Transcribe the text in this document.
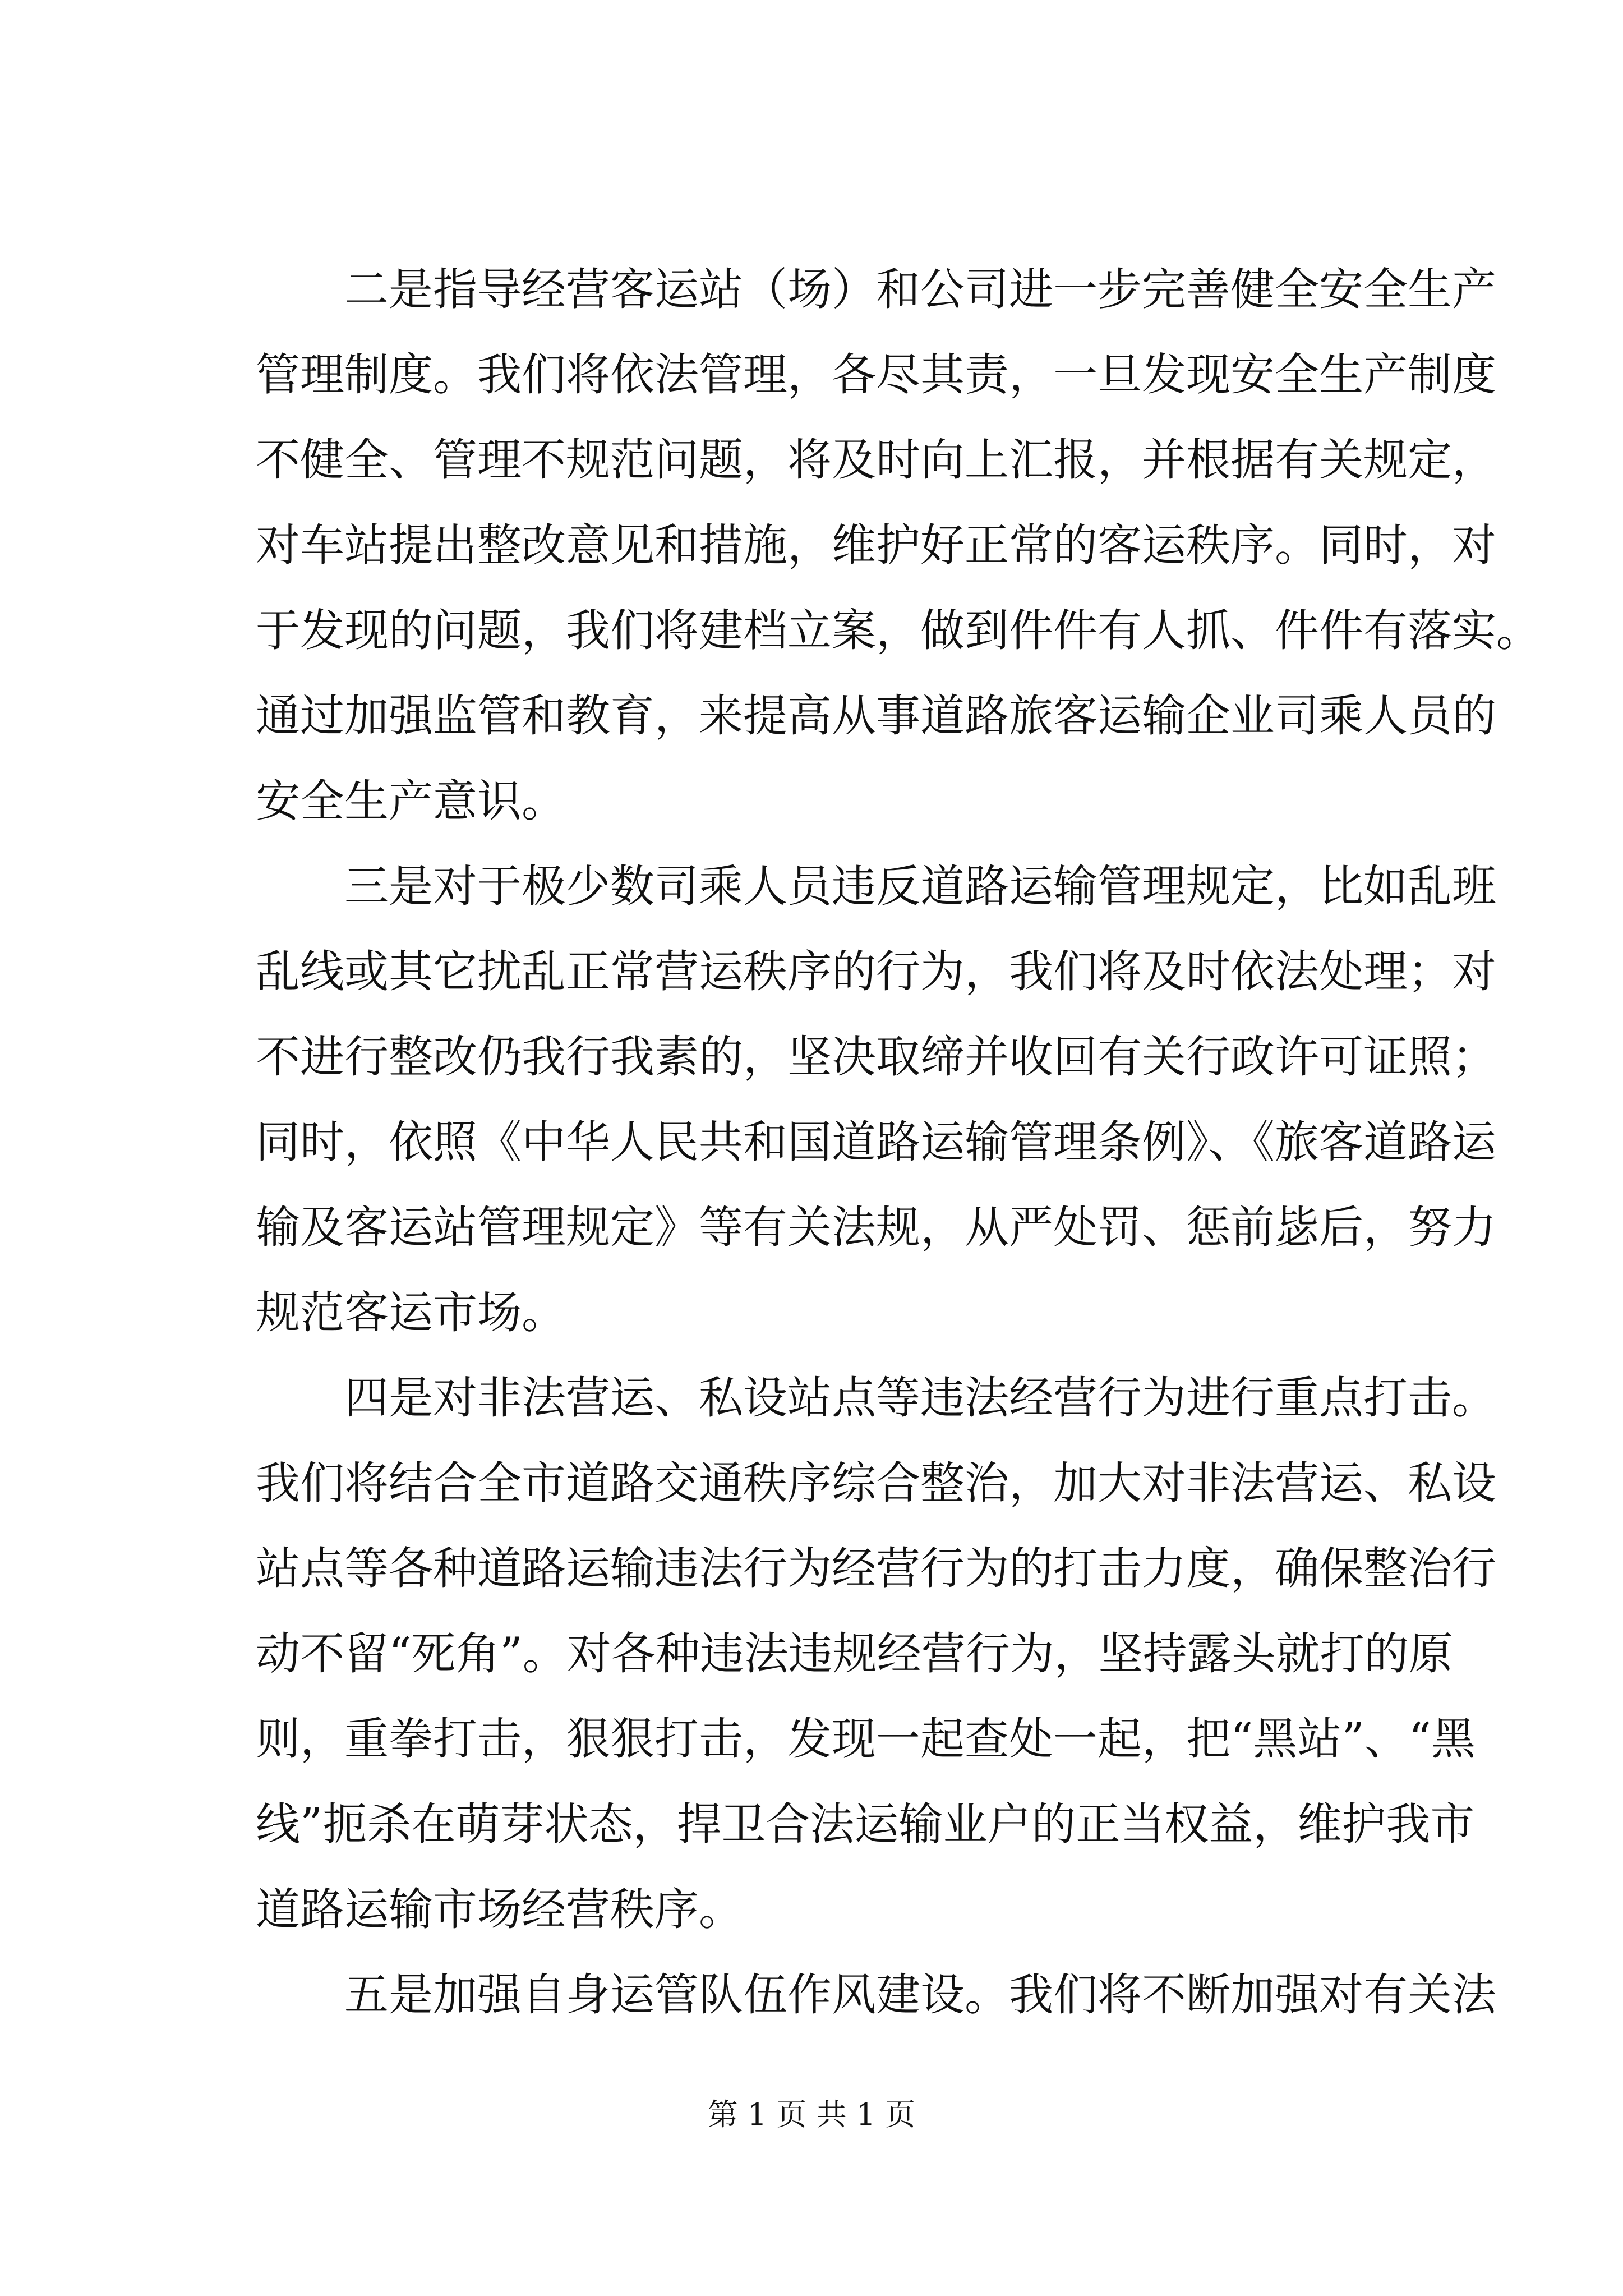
二是指导经营客运站（场）和公司进一步完善健全安全生产
管理制度。我们将依法管理，各尽其责，一旦发现安全生产制度
不健全、管理不规范问题，将及时向上汇报，并根据有关规定，
对车站提出整改意见和措施，维护好正常的客运秩序。同时，对
于发现的问题，我们将建档立案，做到件件有人抓、件件有落实。
通过加强监管和教育，来提高从事道路旅客运输企业司乘人员的
安全生产意识。
三是对于极少数司乘人员违反道路运输管理规定，比如乱班
乱线或其它扰乱正常营运秩序的行为，我们将及时依法处理；对
不进行整改仍我行我素的，坚决取缔并收回有关行政许可证照；
同时，依照《中华人民共和国道路运输管理条例》、《旅客道路运
输及客运站管理规定》等有关法规，从严处罚、惩前毖后，努力
规范客运市场。
四是对非法营运、私设站点等违法经营行为进行重点打击。
我们将结合全市道路交通秩序综合整治，加大对非法营运、私设
站点等各种道路运输违法行为经营行为的打击力度，确保整治行
动不留“死角”。对各种违法违规经营行为，坚持露头就打的原
则，重拳打击，狠狠打击，发现一起查处一起，把“黑站”、“黑
线”扼杀在萌芽状态，捍卫合法运输业户的正当权益，维护我市
道路运输市场经营秩序。
五是加强自身运管队伍作风建设。我们将不断加强对有关法
第 1 页 共 1 页
